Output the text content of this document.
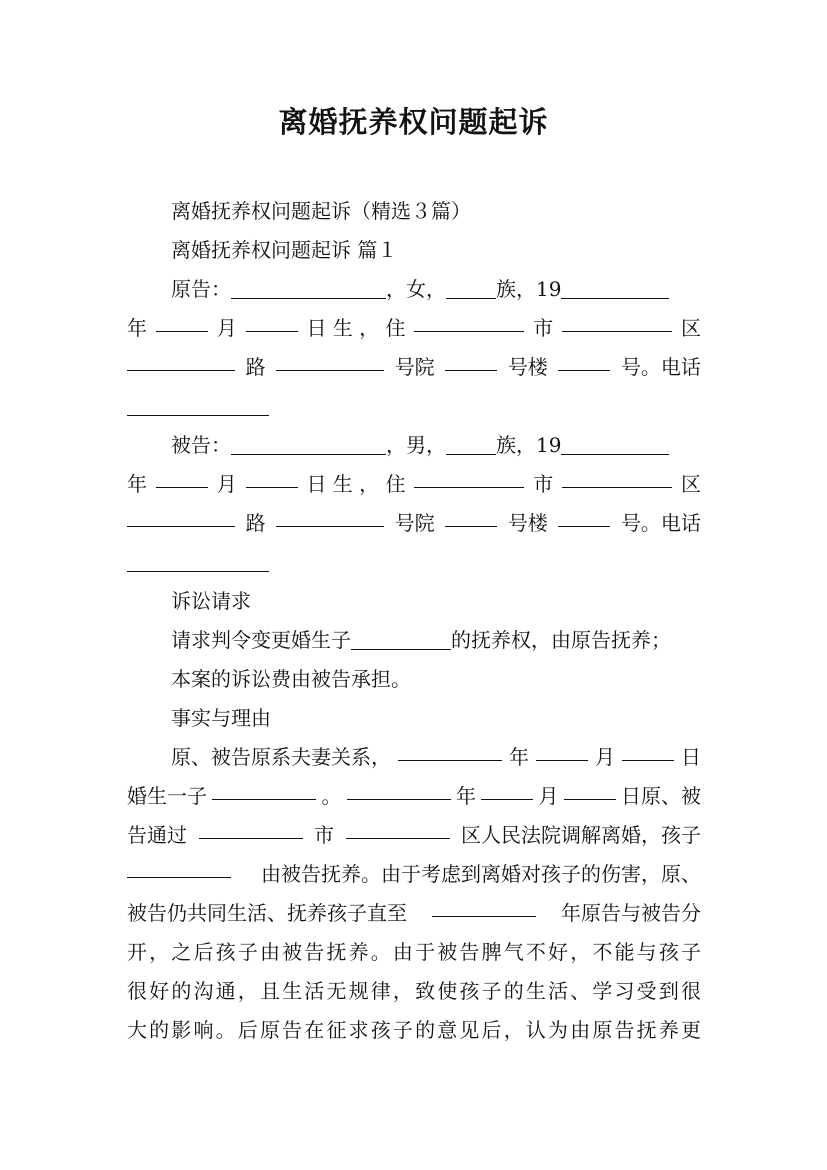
离婚抚养权问题起诉
离婚抚养权问题起诉（精选３篇）
离婚抚养权问题起诉 篇１
原告：	，女，	族，19
年	月	日 生 ， 住	市	区
路	号院	号楼	号。电话
被告：	，男，	族，19
年	月	日 生 ， 住	市	区
路	号院	号楼	号。电话
诉讼请求
请求判令变更婚生子	的抚养权，由原告抚养；
本案的诉讼费由被告承担。
事实与理由
原、被告原系夫妻关系，	年	月	日
婚生一子	。	年	月	日原、被
告通过	市	区人民法院调解离婚，孩子
由被告抚养。由于考虑到离婚对孩子的伤害，原、
被告仍共同生活、抚养孩子直至	年原告与被告分
开，之后孩子由被告抚养。由于被告脾气不好，不能与孩子
很好的沟通，且生活无规律，致使孩子的生活、学习受到很
大的影响。后原告在征求孩子的意见后，认为由原告抚养更
